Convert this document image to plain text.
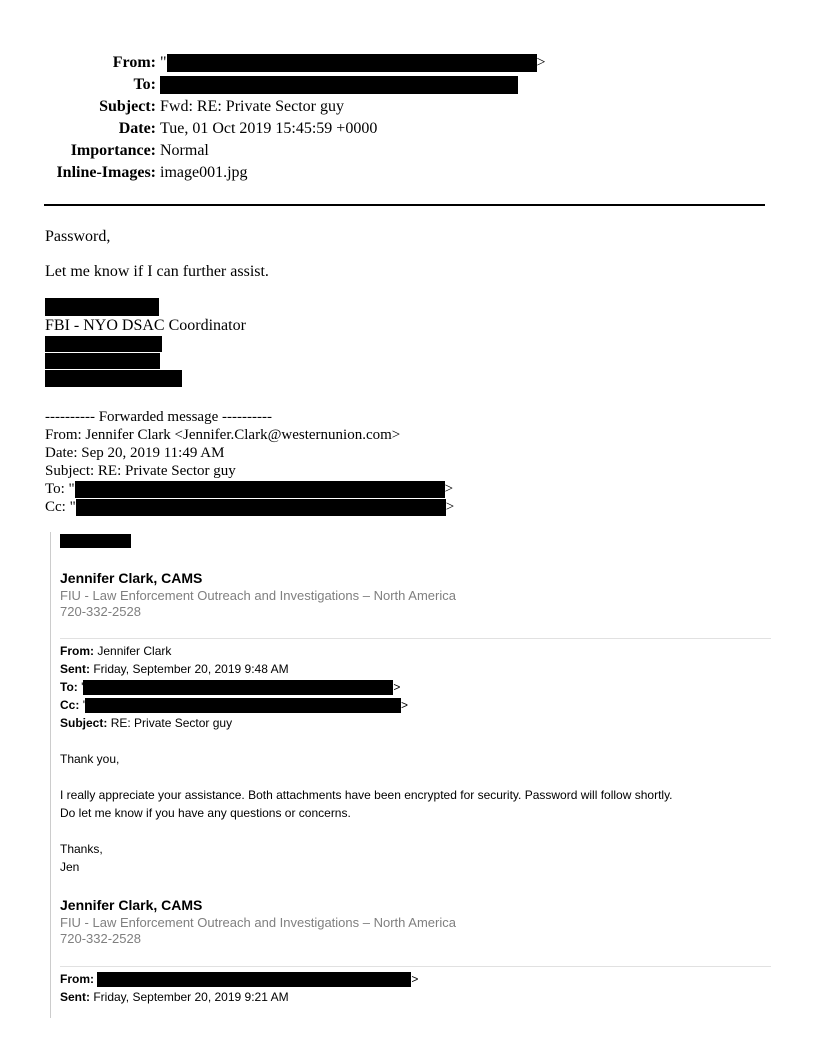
From: "	>
To:
Subject: Fwd: RE: Private Sector guy
Date: Tue, 01 Oct 2019 15:45:59 +0000
Importance: Normal
Inline-Images: image001.jpg
Password,
Let me know if I can further assist.
FBI - NYO DSAC Coordinator
---------- Forwarded message ----------
From: Jennifer Clark <Jennifer.Clark@westernunion.com>
Date: Sep 20, 2019 11:49 AM
Subject: RE: Private Sector guy
To: "	>
Cc: "	>
Jennifer Clark, CAMS
FIU - Law Enforcement Outreach and Investigations – North America
720-332-2528
From: Jennifer Clark
Sent: Friday, September 20, 2019 9:48 AM
To: '	>
Cc: '	>
Subject: RE: Private Sector guy
Thank you,
I really appreciate your assistance. Both attachments have been encrypted for security. Password will follow shortly.
Do let me know if you have any questions or concerns.
Thanks,
Jen
Jennifer Clark, CAMS
FIU - Law Enforcement Outreach and Investigations – North America
720-332-2528
From:	>
Sent: Friday, September 20, 2019 9:21 AM
